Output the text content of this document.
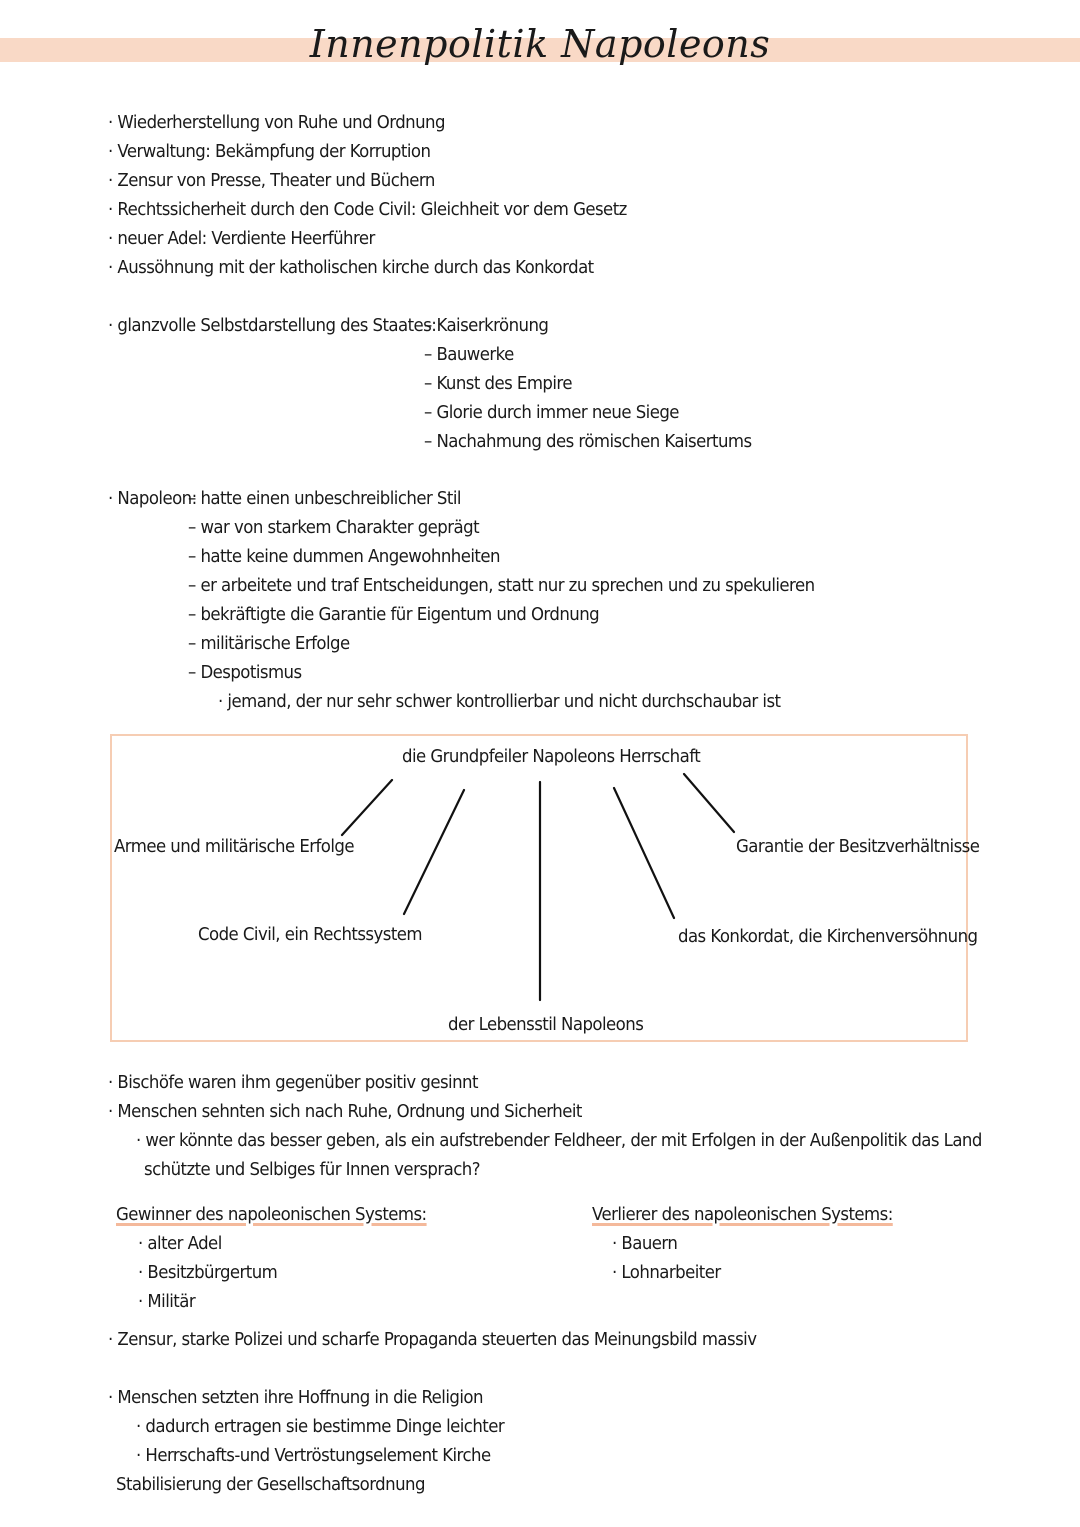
Innenpolitik Napoleons
· Wiederherstellung von Ruhe und Ordnung
· Verwaltung: Bekämpfung der Korruption
· Zensur von Presse, Theater und Büchern
· Rechtssicherheit durch den Code Civil: Gleichheit vor dem Gesetz
· neuer Adel: Verdiente Heerführer
· Aussöhnung mit der katholischen kirche durch das Konkordat
· glanzvolle Selbstdarstellung des Staates:
– Kaiserkrönung
– Bauwerke
– Kunst des Empire
– Glorie durch immer neue Siege
– Nachahmung des römischen Kaisertums
· Napoleon:
– hatte einen unbeschreiblicher Stil
– war von starkem Charakter geprägt
– hatte keine dummen Angewohnheiten
– er arbeitete und traf Entscheidungen, statt nur zu sprechen und zu spekulieren
– bekräftigte die Garantie für Eigentum und Ordnung
– militärische Erfolge
– Despotismus
· jemand, der nur sehr schwer kontrollierbar und nicht durchschaubar ist
die Grundpfeiler Napoleons Herrschaft
Armee und militärische Erfolge	Garantie der Besitzverhältnisse
Code Civil, ein Rechtssystem	das Konkordat, die Kirchenversöhnung
der Lebensstil Napoleons
· Bischöfe waren ihm gegenüber positiv gesinnt
· Menschen sehnten sich nach Ruhe, Ordnung und Sicherheit
· wer könnte das besser geben, als ein aufstrebender Feldheer, der mit Erfolgen in der Außenpolitik das Land
schützte und Selbiges für Innen versprach?
Gewinner des napoleonischen Systems:
· alter Adel
· Besitzbürgertum
· Militär
Verlierer des napoleonischen Systems:
· Bauern
· Lohnarbeiter
· Zensur, starke Polizei und scharfe Propaganda steuerten das Meinungsbild massiv
· Menschen setzten ihre Hoffnung in die Religion
· dadurch ertragen sie bestimme Dinge leichter
· Herrschafts-und Vertröstungselement Kirche
Stabilisierung der Gesellschaftsordnung
